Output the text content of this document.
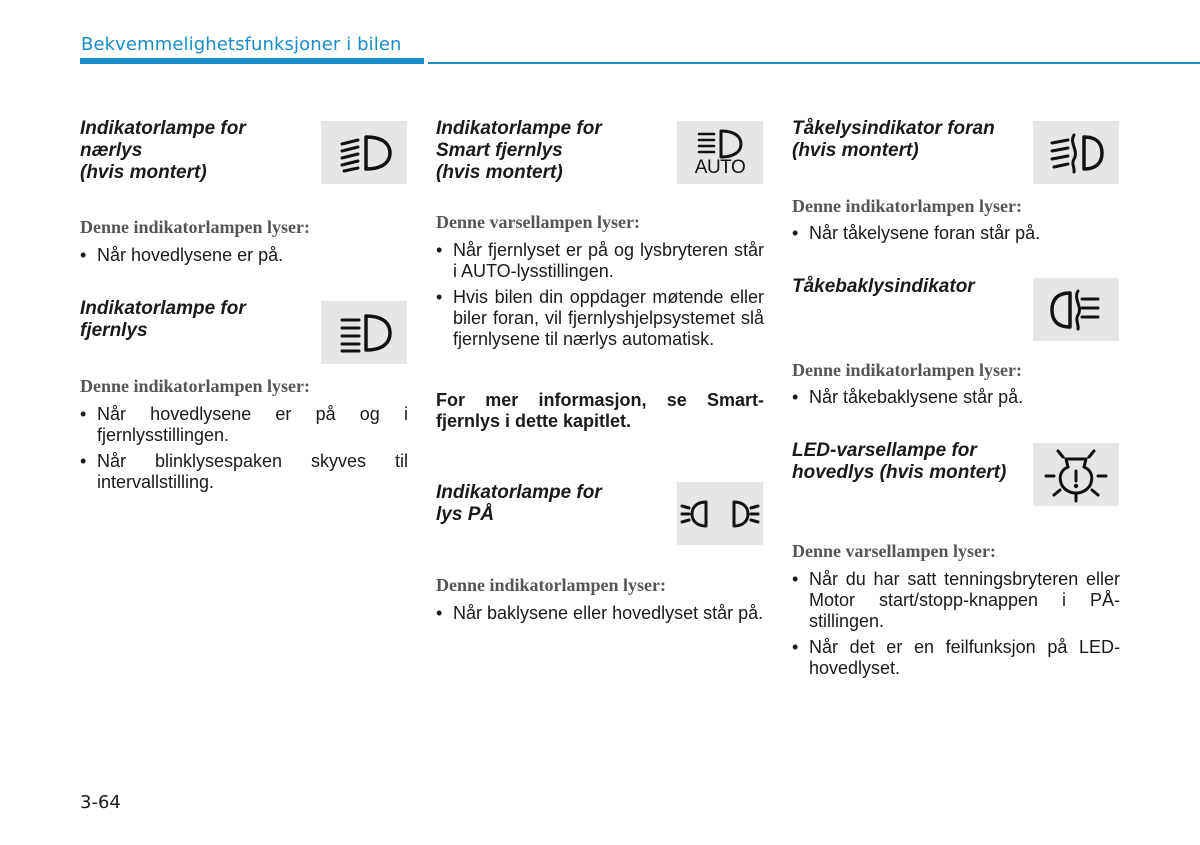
Bekvemmelighetsfunksjoner i bilen

Indikatorlampe for
nærlys
(hvis montert)

Denne indikatorlampen lyser:

• Når hovedlysene er på.

Indikatorlampe for
fjernlys

Denne indikatorlampen lyser:

• Når hovedlysene er på og i fjernlysstillingen.
• Når blinklysespaken skyves til intervallstilling.

Indikatorlampe for
Smart fjernlys
(hvis montert)	AUTO

Denne varsellampen lyser:

• Når fjernlyset er på og lysbryteren står i AUTO-lysstillingen.
• Hvis bilen din oppdager møtende eller biler foran, vil fjernlyshjelpsystemet slå fjernlysene til nærlys automatisk.

For mer informasjon, se Smart-fjernlys i dette kapitlet.

Indikatorlampe for
lys PÅ

Denne indikatorlampen lyser:

• Når baklysene eller hovedlyset står på.

Tåkelysindikator foran
(hvis montert)

Denne indikatorlampen lyser:

• Når tåkelysene foran står på.

Tåkebaklysindikator

Denne indikatorlampen lyser:

• Når tåkebaklysene står på.

LED-varsellampe for
hovedlys (hvis montert)

Denne varsellampen lyser:

• Når du har satt tenningsbryteren eller Motor start/stopp-knappen i PÅ-stillingen.
• Når det er en feilfunksjon på LED-hovedlyset.
3-64
